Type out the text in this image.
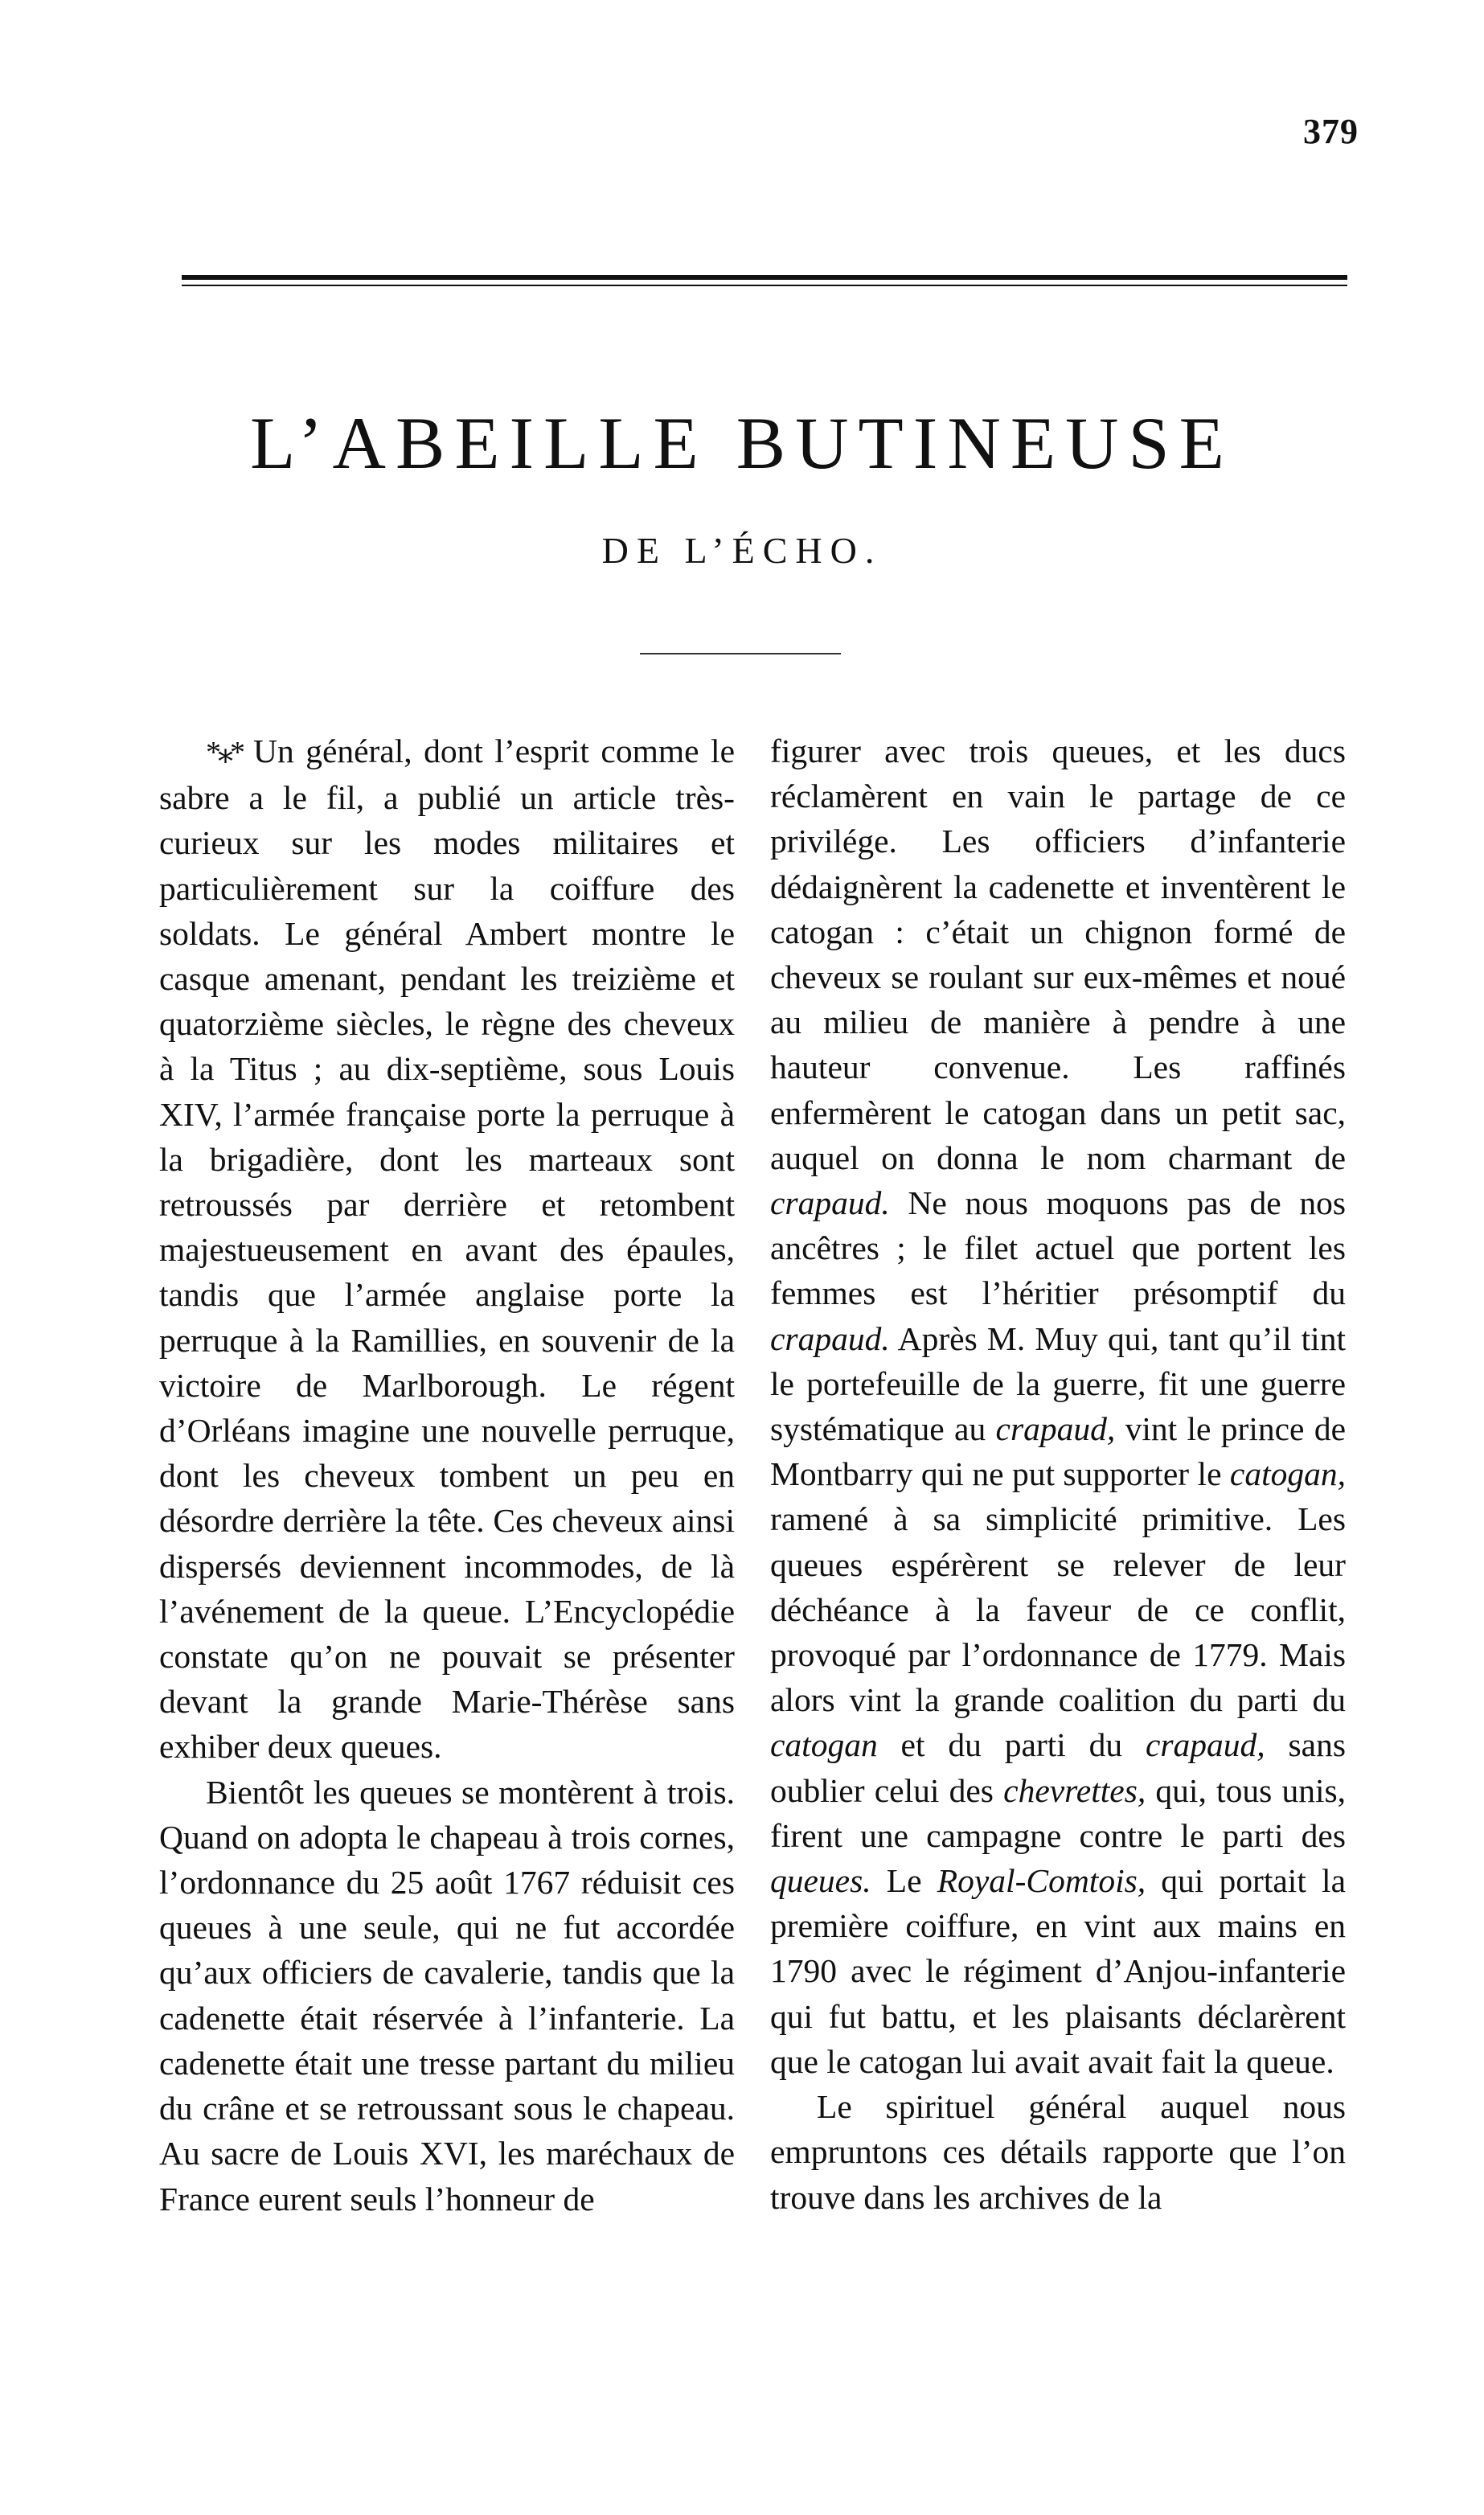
379
L’ABEILLE BUTINEUSE
DE L’ÉCHO.

*⁎* Un général, dont l’esprit comme le sabre a le fil, a publié un article très-curieux sur les modes militaires et particulièrement sur la coiffure des soldats. Le général Ambert montre le casque amenant, pendant les treizième et quatorzième siècles, le règne des cheveux à la Titus ; au dix-septième, sous Louis XIV, l’armée française porte la perruque à la brigadière, dont les marteaux sont retroussés par derrière et retombent majestueusement en avant des épaules, tandis que l’armée anglaise porte la perruque à la Ramillies, en souvenir de la victoire de Marlborough. Le régent d’Orléans imagine une nouvelle perruque, dont les cheveux tombent un peu en désordre derrière la tête. Ces cheveux ainsi dispersés deviennent incommodes, de là l’avénement de la queue. L’Encyclopédie constate qu’on ne pouvait se présenter devant la grande Marie-Thérèse sans exhiber deux queues.

Bientôt les queues se montèrent à trois. Quand on adopta le chapeau à trois cornes, l’ordonnance du 25 août 1767 réduisit ces queues à une seule, qui ne fut accordée qu’aux officiers de cavalerie, tandis que la cadenette était réservée à l’infanterie. La cadenette était une tresse partant du milieu du crâne et se retroussant sous le chapeau. Au sacre de Louis XVI, les maréchaux de France eurent seuls l’honneur de

figurer avec trois queues, et les ducs réclamèrent en vain le partage de ce privilége. Les officiers d’infanterie dédaignèrent la cadenette et inventèrent le catogan : c’était un chignon formé de cheveux se roulant sur eux-mêmes et noué au milieu de manière à pendre à une hauteur convenue. Les raffinés enfermèrent le catogan dans un petit sac, auquel on donna le nom charmant de crapaud. Ne nous moquons pas de nos ancêtres ; le filet actuel que portent les femmes est l’héritier présomptif du crapaud. Après M. Muy qui, tant qu’il tint le portefeuille de la guerre, fit une guerre systématique au crapaud, vint le prince de Montbarry qui ne put supporter le catogan, ramené à sa simplicité primitive. Les queues espérèrent se relever de leur déchéance à la faveur de ce conflit, provoqué par l’ordonnance de 1779. Mais alors vint la grande coalition du parti du catogan et du parti du crapaud, sans oublier celui des chevrettes, qui, tous unis, firent une campagne contre le parti des queues. Le Royal-Comtois, qui portait la première coiffure, en vint aux mains en 1790 avec le régiment d’Anjou-infanterie qui fut battu, et les plaisants déclarèrent que le catogan lui avait avait fait la queue.

Le spirituel général auquel nous empruntons ces détails rapporte que l’on trouve dans les archives de la
